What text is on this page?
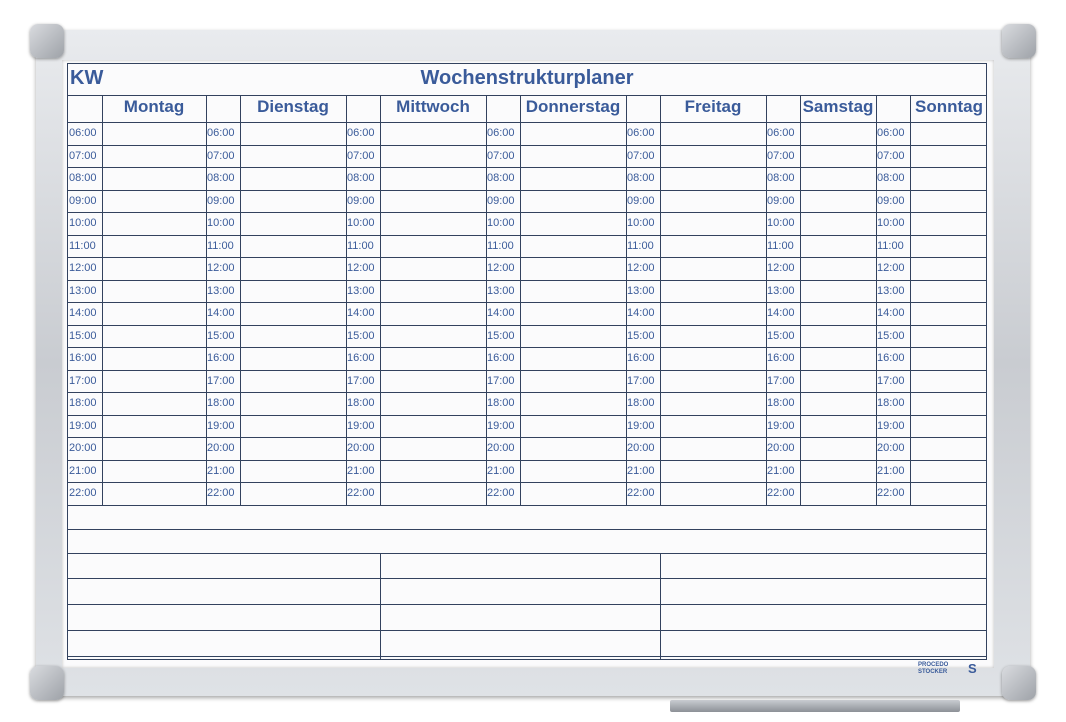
KW	Wochenstrukturplaner
Montag
06:00
07:00
08:00
09:00
10:00
11:00
12:00
13:00
14:00
15:00
16:00
17:00
18:00
19:00
20:00
21:00
22:00
Dienstag
06:00
07:00
08:00
09:00
10:00
11:00
12:00
13:00
14:00
15:00
16:00
17:00
18:00
19:00
20:00
21:00
22:00
Mittwoch
06:00
07:00
08:00
09:00
10:00
11:00
12:00
13:00
14:00
15:00
16:00
17:00
18:00
19:00
20:00
21:00
22:00
Donnerstag
06:00
07:00
08:00
09:00
10:00
11:00
12:00
13:00
14:00
15:00
16:00
17:00
18:00
19:00
20:00
21:00
22:00
Freitag
06:00
07:00
08:00
09:00
10:00
11:00
12:00
13:00
14:00
15:00
16:00
17:00
18:00
19:00
20:00
21:00
22:00
Samstag
06:00
07:00
08:00
09:00
10:00
11:00
12:00
13:00
14:00
15:00
16:00
17:00
18:00
19:00
20:00
21:00
22:00
Sonntag
06:00
07:00
08:00
09:00
10:00
11:00
12:00
13:00
14:00
15:00
16:00
17:00
18:00
19:00
20:00
21:00
22:00
PROCEDO
STOCKER S
